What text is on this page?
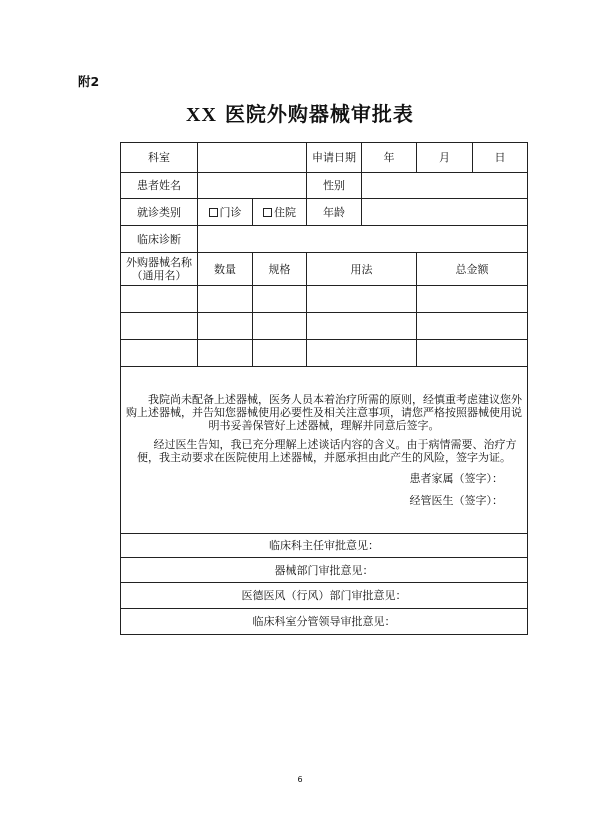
附2
XX 医院外购器械审批表
科室			申请日期	年	月	日
患者姓名			性别			
就诊类别	门诊	住院	年龄			
临床诊断						
外购器械名称（通用名）	数量	规格	用法		总金额	

我院尚未配备上述器械，医务人员本着治疗所需的原则，经慎重考虑建议您外购上述器械，并告知您器械使用必要性及相关注意事项，请您严格按照器械使用说明书妥善保管好上述器械，理解并同意后签字。

经过医生告知，我已充分理解上述谈话内容的含义。由于病情需要、治疗方便，我主动要求在医院使用上述器械，并愿承担由此产生的风险，签字为证。

患者家属（签字）：
经管医生（签字）：						

临床科主任审批意见：						
器械部门审批意见：						
医德医风（行风）部门审批意见：						
临床科室分管领导审批意见：						
6
